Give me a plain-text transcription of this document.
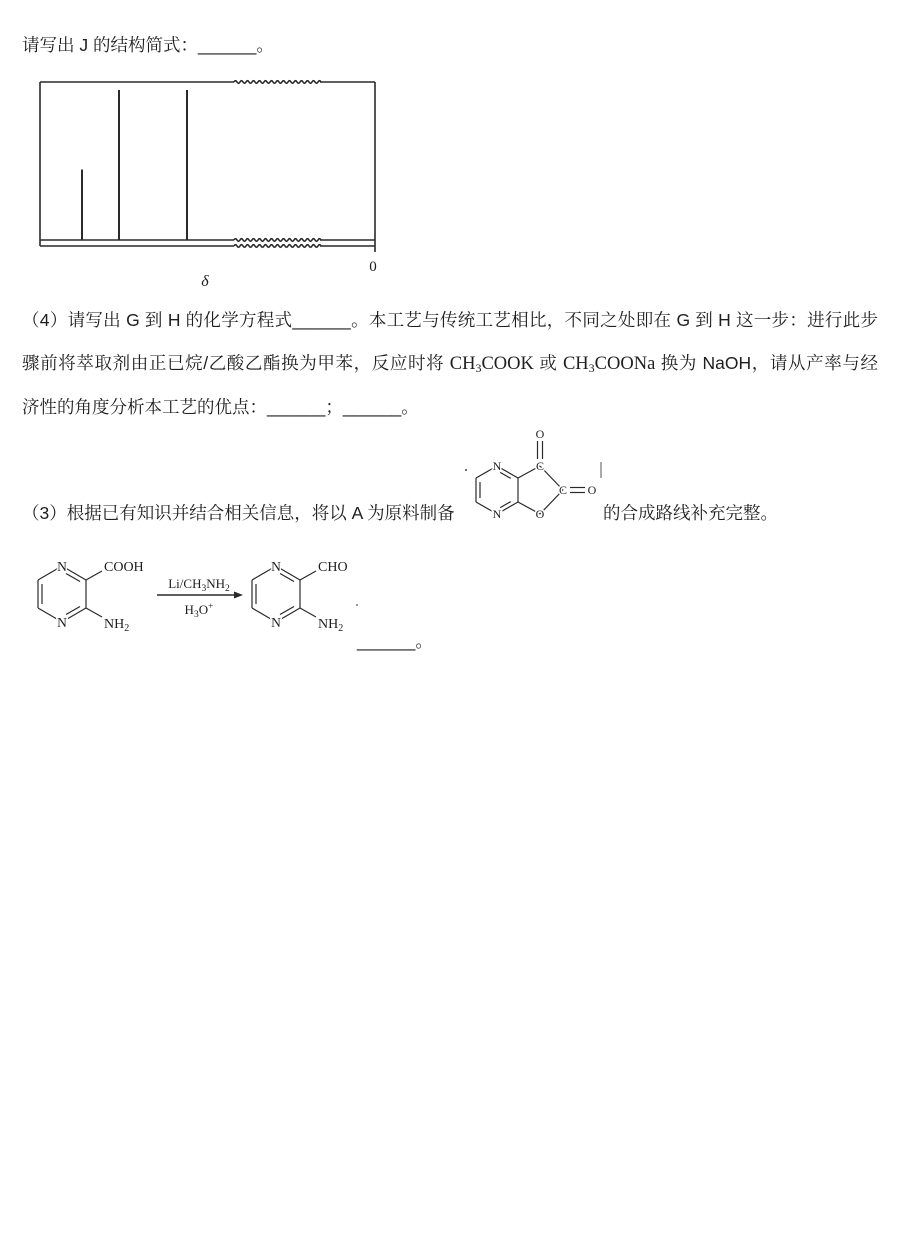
请写出 J 的结构简式：______。
δ
0
（4）请写出 G 到 H 的化学方程式______。本工艺与传统工艺相比，不同之处即在 G 到 H 这一步：进行此步
骤前将萃取剂由正已烷/乙酸乙酯换为甲苯，反应时将 $CH_3COOK$ 或 $CH_3COONa$ 换为 NaOH，请从产率与经
济性的角度分析本工艺的优点：______；______。
（3）根据已有知识并结合相关信息，将以 A 为原料制备
N
N
C
O
C O
O	的合成路线补充完整。
N
N
COOH
$NH_2$
$Li/CH_3NH_2$
$H_3O^+$
N
N
CHO
$NH_2$
______。
